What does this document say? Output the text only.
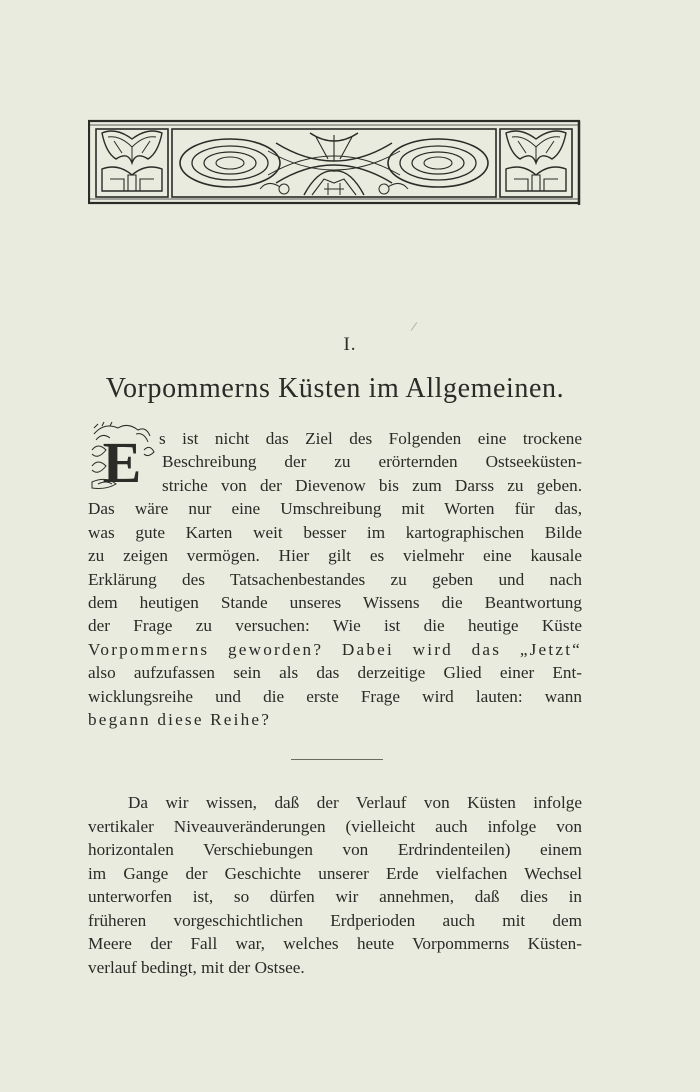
I.
Vorpommerns Küsten im Allgemeinen.
E s ist nicht das Ziel des Folgenden eine trockene
Beschreibung der zu erörternden Ostseeküsten-
striche von der Dievenow bis zum Darss zu geben.
Das wäre nur eine Umschreibung mit Worten für das,
was gute Karten weit besser im kartographischen Bilde
zu zeigen vermögen. Hier gilt es vielmehr eine kausale
Erklärung des Tatsachenbestandes zu geben und nach
dem heutigen Stande unseres Wissens die Beantwortung
der Frage zu versuchen: Wie ist die heutige Küste
Vorpommerns geworden? Dabei wird das „Jetzt“
also aufzufassen sein als das derzeitige Glied einer Ent-
wicklungsreihe und die erste Frage wird lauten: wann
begann diese Reihe?
Da wir wissen, daß der Verlauf von Küsten infolge
vertikaler Niveauveränderungen (vielleicht auch infolge von
horizontalen Verschiebungen von Erdrindenteilen) einem
im Gange der Geschichte unserer Erde vielfachen Wechsel
unterworfen ist, so dürfen wir annehmen, daß dies in
früheren vorgeschichtlichen Erdperioden auch mit dem
Meere der Fall war, welches heute Vorpommerns Küsten-
verlauf bedingt, mit der Ostsee.
